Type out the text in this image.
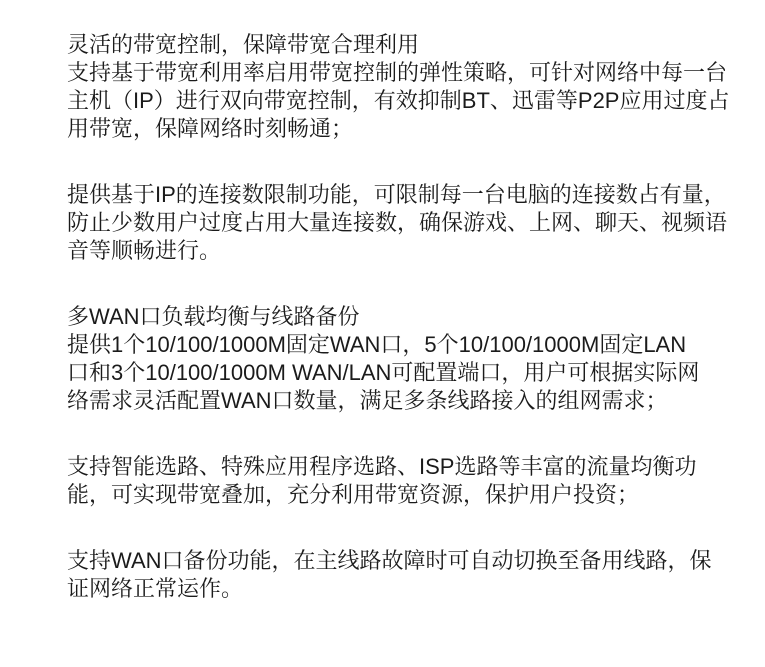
灵活的带宽控制，保障带宽合理利用
支持基于带宽利用率启用带宽控制的弹性策略，可针对网络中每一台
主机（IP）进行双向带宽控制，有效抑制BT、迅雷等P2P应用过度占
用带宽，保障网络时刻畅通；
提供基于IP的连接数限制功能，可限制每一台电脑的连接数占有量，
防止少数用户过度占用大量连接数，确保游戏、上网、聊天、视频语
音等顺畅进行。
多WAN口负载均衡与线路备份
提供1个10/100/1000M固定WAN口，5个10/100/1000M固定LAN
口和3个10/100/1000M WAN/LAN可配置端口，用户可根据实际网
络需求灵活配置WAN口数量，满足多条线路接入的组网需求；
支持智能选路、特殊应用程序选路、ISP选路等丰富的流量均衡功
能，可实现带宽叠加，充分利用带宽资源，保护用户投资；
支持WAN口备份功能，在主线路故障时可自动切换至备用线路，保
证网络正常运作。
